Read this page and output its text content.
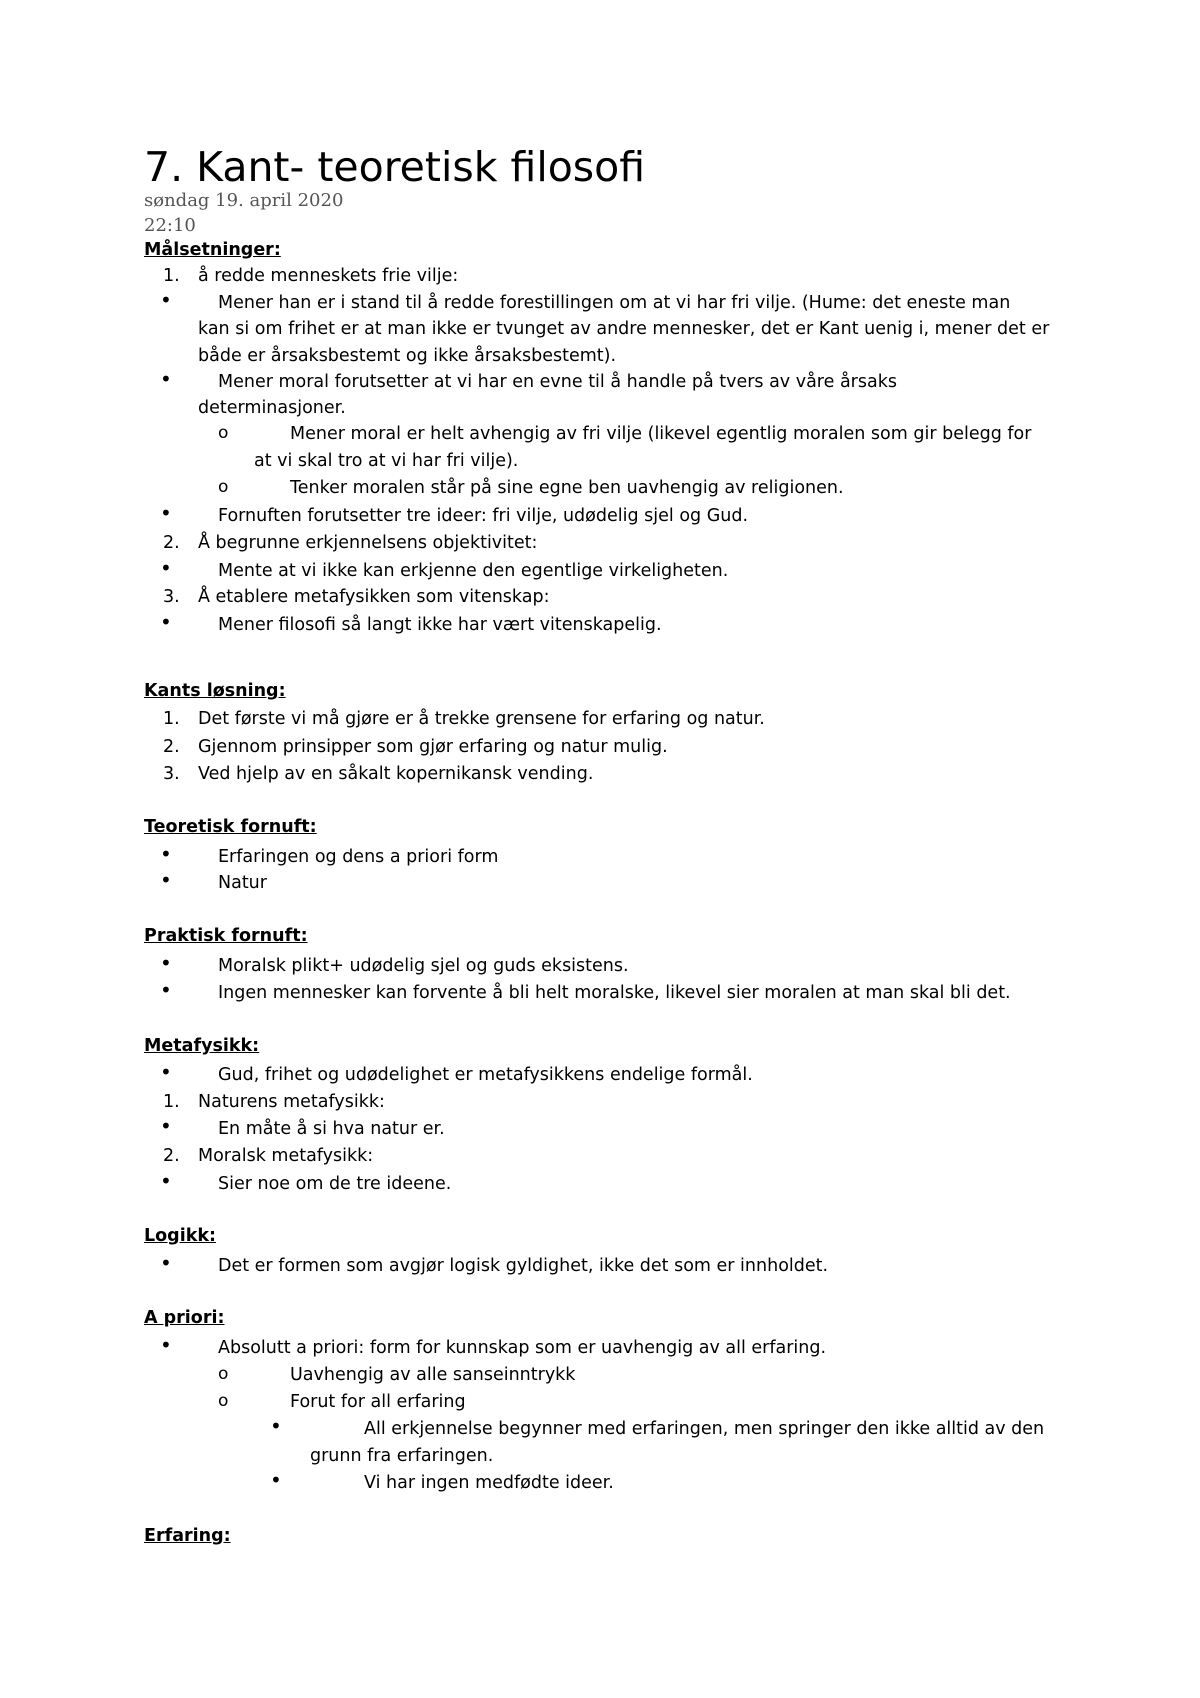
7. Kant- teoretisk filosofi
søndag 19. april 2020
22:10
Målsetninger:
1. å redde menneskets frie vilje:
•	Mener han er i stand til å redde forestillingen om at vi har fri vilje. (Hume: det eneste man
kan si om frihet er at man ikke er tvunget av andre mennesker, det er Kant uenig i, mener det er
både er årsaksbestemt og ikke årsaksbestemt).
•	Mener moral forutsetter at vi har en evne til å handle på tvers av våre årsaks
determinasjoner.
o	Mener moral er helt avhengig av fri vilje (likevel egentlig moralen som gir belegg for
at vi skal tro at vi har fri vilje).
o	Tenker moralen står på sine egne ben uavhengig av religionen.
•	Fornuften forutsetter tre ideer: fri vilje, udødelig sjel og Gud.
2. Å begrunne erkjennelsens objektivitet:
•	Mente at vi ikke kan erkjenne den egentlige virkeligheten.
3. Å etablere metafysikken som vitenskap:
•	Mener filosofi så langt ikke har vært vitenskapelig.
Kants løsning:
1. Det første vi må gjøre er å trekke grensene for erfaring og natur.
2. Gjennom prinsipper som gjør erfaring og natur mulig.
3. Ved hjelp av en såkalt kopernikansk vending.
Teoretisk fornuft:
•	Erfaringen og dens a priori form
•	Natur
Praktisk fornuft:
•	Moralsk plikt+ udødelig sjel og guds eksistens.
•	Ingen mennesker kan forvente å bli helt moralske, likevel sier moralen at man skal bli det.
Metafysikk:
•	Gud, frihet og udødelighet er metafysikkens endelige formål.
1. Naturens metafysikk:
•	En måte å si hva natur er.
2. Moralsk metafysikk:
•	Sier noe om de tre ideene.
Logikk:
•	Det er formen som avgjør logisk gyldighet, ikke det som er innholdet.
A priori:
•	Absolutt a priori: form for kunnskap som er uavhengig av all erfaring.
o	Uavhengig av alle sanseinntrykk
o	Forut for all erfaring
•	All erkjennelse begynner med erfaringen, men springer den ikke alltid av den
grunn fra erfaringen.
•	Vi har ingen medfødte ideer.
Erfaring:
